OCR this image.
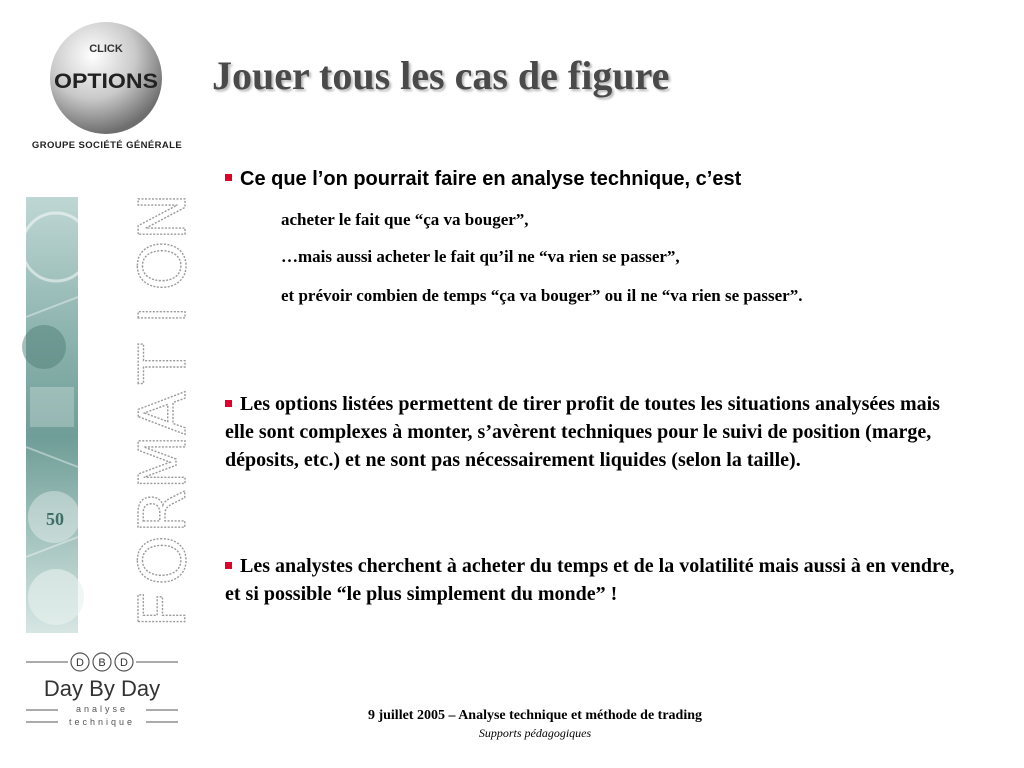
CLICK
OPTIONS
GROUPE SOCIÉTÉ GÉNÉRALE
Jouer tous les cas de figure
50
F
O
R
M
A
T
I
O
N
D B D
Day By Day
analyse
technique
Ce que l’on pourrait faire en analyse technique, c’est
acheter le fait que “ça va bouger”,
…mais aussi acheter le fait qu’il ne “va rien se passer”,
et prévoir combien de temps “ça va bouger” ou il ne “va rien se passer”.
Les options listées permettent de tirer profit de toutes les situations analysées mais elle sont complexes à monter, s’avèrent techniques pour le suivi de position (marge, déposits, etc.) et ne sont pas nécessairement liquides (selon la taille).
Les analystes cherchent à acheter du temps et de la volatilité mais aussi à en vendre, et si possible “le plus simplement du monde” !
9 juillet 2005 – Analyse technique et méthode de trading
Supports pédagogiques
